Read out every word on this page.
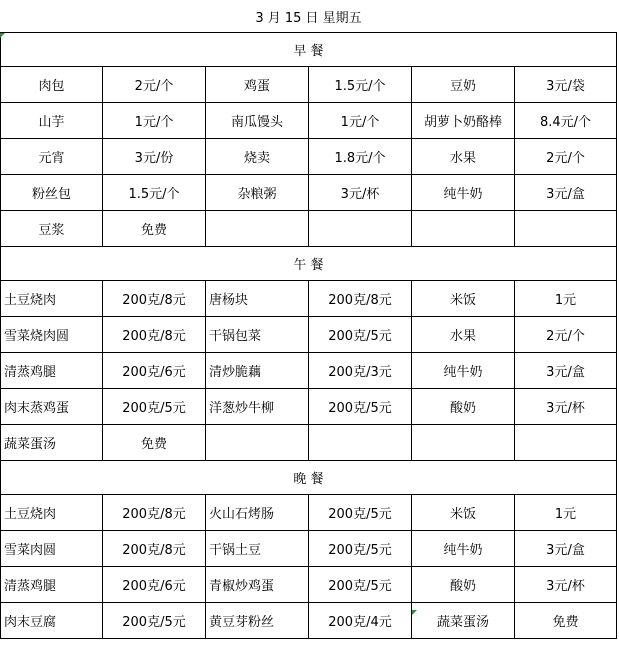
3 月 15 日 星期五					
早 餐					
肉包	2元/个	鸡蛋	1.5元/个	豆奶	3元/袋
山芋	1元/个	南瓜馒头	1元/个	胡萝卜奶酪棒	8.4元/个
元宵	3元/份	烧卖	1.8元/个	水果	2元/个
粉丝包	1.5元/个	杂粮粥	3元/杯	纯牛奶	3元/盒
豆浆	免费				
午 餐					
土豆烧肉	200克/8元	唐杨块	200克/8元	米饭	1元
雪菜烧肉圆	200克/8元	干锅包菜	200克/5元	水果	2元/个
清蒸鸡腿	200克/6元	清炒脆藕	200克/3元	纯牛奶	3元/盒
肉末蒸鸡蛋	200克/5元	洋葱炒牛柳	200克/5元	酸奶	3元/杯
蔬菜蛋汤	免费				
晚 餐					
土豆烧肉	200克/8元	火山石烤肠	200克/5元	米饭	1元
雪菜肉圆	200克/8元	干锅土豆	200克/5元	纯牛奶	3元/盒
清蒸鸡腿	200克/6元	青椒炒鸡蛋	200克/5元	酸奶	3元/杯
肉末豆腐	200克/5元	黄豆芽粉丝	200克/4元	蔬菜蛋汤	免费
